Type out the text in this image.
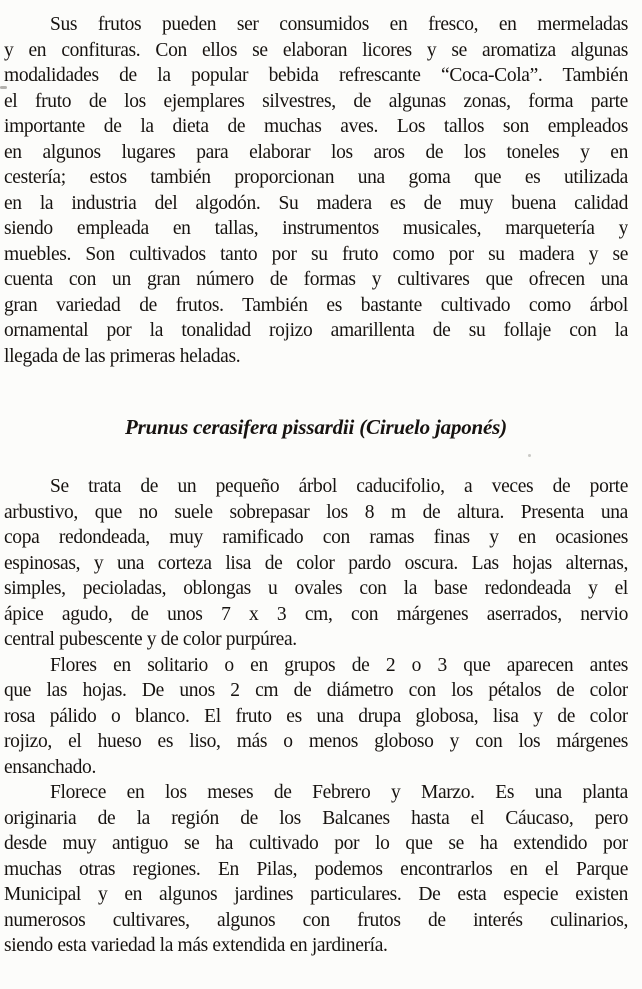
Sus frutos pueden ser consumidos en fresco, en mermeladas
y en confituras. Con ellos se elaboran licores y se aromatiza algunas
modalidades de la popular bebida refrescante “Coca-Cola”. También
el fruto de los ejemplares silvestres, de algunas zonas, forma parte
importante de la dieta de muchas aves. Los tallos son empleados
en algunos lugares para elaborar los aros de los toneles y en
cestería; estos también proporcionan una goma que es utilizada
en la industria del algodón. Su madera es de muy buena calidad
siendo empleada en tallas, instrumentos musicales, marquetería y
muebles. Son cultivados tanto por su fruto como por su madera y se
cuenta con un gran número de formas y cultivares que ofrecen una
gran variedad de frutos. También es bastante cultivado como árbol
ornamental por la tonalidad rojizo amarillenta de su follaje con la
llegada de las primeras heladas.

Prunus cerasifera pissardii (Ciruelo japonés)

Se trata de un pequeño árbol caducifolio, a veces de porte
arbustivo, que no suele sobrepasar los 8 m de altura. Presenta una
copa redondeada, muy ramificado con ramas finas y en ocasiones
espinosas, y una corteza lisa de color pardo oscura. Las hojas alternas,
simples, pecioladas, oblongas u ovales con la base redondeada y el
ápice agudo, de unos 7 x 3 cm, con márgenes aserrados, nervio
central pubescente y de color purpúrea.

Flores en solitario o en grupos de 2 o 3 que aparecen antes
que las hojas. De unos 2 cm de diámetro con los pétalos de color
rosa pálido o blanco. El fruto es una drupa globosa, lisa y de color
rojizo, el hueso es liso, más o menos globoso y con los márgenes
ensanchado.

Florece en los meses de Febrero y Marzo. Es una planta
originaria de la región de los Balcanes hasta el Cáucaso, pero
desde muy antiguo se ha cultivado por lo que se ha extendido por
muchas otras regiones. En Pilas, podemos encontrarlos en el Parque
Municipal y en algunos jardines particulares. De esta especie existen
numerosos cultivares, algunos con frutos de interés culinarios,
siendo esta variedad la más extendida en jardinería.
